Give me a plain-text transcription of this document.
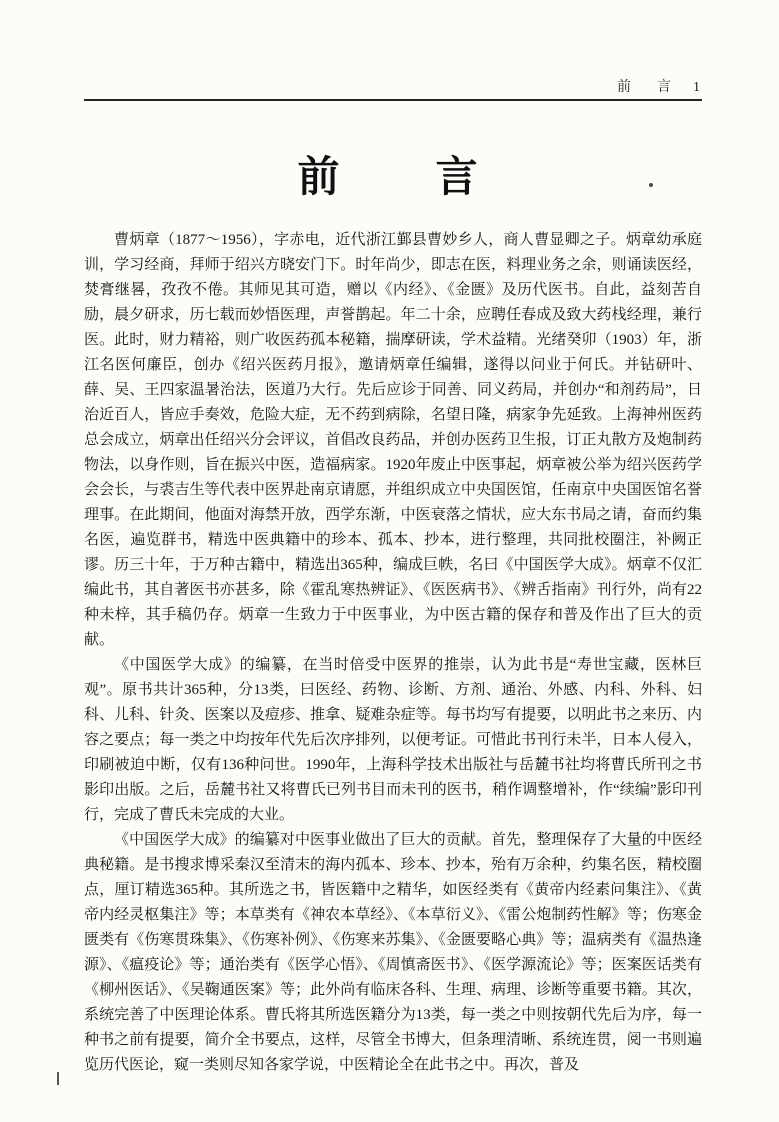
前　言 1
前　　言

曹炳章（1877～1956），字赤电，近代浙江鄞县曹妙乡人，商人曹显卿之子。炳章幼承庭训，学习经商，拜师于绍兴方晓安门下。时年尚少，即志在医，料理业务之余，则诵读医经，焚膏继晷，孜孜不倦。其师见其可造，赠以《内经》、《金匮》及历代医书。自此，益刻苦自励，晨夕研求，历七载而妙悟医理，声誉鹊起。年二十余，应聘任春成及致大药栈经理，兼行医。此时，财力精裕，则广收医药孤本秘籍，揣摩研读，学术益精。光绪癸卯（1903）年，浙江名医何廉臣，创办《绍兴医药月报》，邀请炳章任编辑，遂得以问业于何氏。并钻研叶、薛、吴、王四家温暑治法，医道乃大行。先后应诊于同善、同义药局，并创办“和剂药局”，日治近百人，皆应手奏效，危险大症，无不药到病除，名望日隆，病家争先延致。上海神州医药总会成立，炳章出任绍兴分会评议，首倡改良药品，并创办医药卫生报，订正丸散方及炮制药物法，以身作则，旨在振兴中医，造福病家。1920年废止中医事起，炳章被公举为绍兴医药学会会长，与裘吉生等代表中医界赴南京请愿，并组织成立中央国医馆，任南京中央国医馆名誉理事。在此期间，他面对海禁开放，西学东渐，中医衰落之情状，应大东书局之请，奋而约集名医，遍览群书，精选中医典籍中的珍本、孤本、抄本，进行整理，共同批校圈注，补阙正谬。历三十年，于万种古籍中，精选出365种，编成巨帙，名曰《中国医学大成》。炳章不仅汇编此书，其自著医书亦甚多，除《霍乱寒热辨证》、《医医病书》、《辨舌指南》刊行外，尚有22种未梓，其手稿仍存。炳章一生致力于中医事业，为中医古籍的保存和普及作出了巨大的贡献。

《中国医学大成》的编纂，在当时倍受中医界的推崇，认为此书是“寿世宝藏，医林巨观”。原书共计365种，分13类，曰医经、药物、诊断、方剂、通治、外感、内科、外科、妇科、儿科、针灸、医案以及痘疹、推拿、疑难杂症等。每书均写有提要，以明此书之来历、内容之要点；每一类之中均按年代先后次序排列，以便考证。可惜此书刊行未半，日本人侵入，印刷被迫中断，仅有136种问世。1990年，上海科学技术出版社与岳麓书社均将曹氏所刊之书影印出版。之后，岳麓书社又将曹氏已列书目而未刊的医书，稍作调整增补，作“续编”影印刊行，完成了曹氏未完成的大业。

《中国医学大成》的编纂对中医事业做出了巨大的贡献。首先，整理保存了大量的中医经典秘籍。是书搜求博采秦汉至清末的海内孤本、珍本、抄本，殆有万余种，约集名医，精校圈点，厘订精选365种。其所选之书，皆医籍中之精华，如医经类有《黄帝内经素问集注》、《黄帝内经灵枢集注》等；本草类有《神农本草经》、《本草衍义》、《雷公炮制药性解》等；伤寒金匮类有《伤寒贯珠集》、《伤寒补例》、《伤寒来苏集》、《金匮要略心典》等；温病类有《温热逢源》、《瘟疫论》等；通治类有《医学心悟》、《周慎斋医书》、《医学源流论》等；医案医话类有《柳州医话》、《吴鞠通医案》等；此外尚有临床各科、生理、病理、诊断等重要书籍。其次，系统完善了中医理论体系。曹氏将其所选医籍分为13类，每一类之中则按朝代先后为序，每一种书之前有提要，简介全书要点，这样，尽管全书博大，但条理清晰、系统连贯，阅一书则遍览历代医论，窥一类则尽知各家学说，中医精论全在此书之中。再次，普及
